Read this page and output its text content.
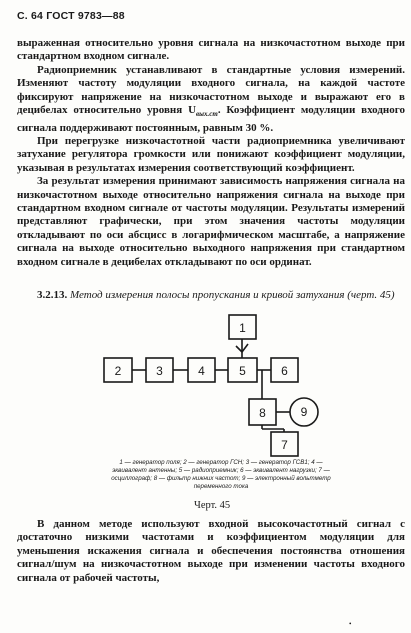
С. 64 ГОСТ 9783—88

выраженная относительно уровня сигнала на низкочастотном выходе при стандартном входном сигнале.

Радиоприемник устанавливают в стандартные условия измерений. Изменяют частоту модуляции входного сигнала, на каждой частоте фиксируют напряжение на низкочастотном выходе и выражают его в децибелах относительно уровня $U_{вых.ст}$. Коэффициент модуляции входного сигнала поддерживают постоянным, равным 30 %.

При перегрузке низкочастотной части радиоприемника увеличивают затухание регулятора громкости или понижают коэффициент модуляции, указывая в результатах измерения соответствующий коэффициент.

За результат измерения принимают зависимость напряжения сигнала на низкочастотном выходе относительно напряжения сигнала на выходе при стандартном входном сигнале от частоты модуляции. Результаты измерений представляют графически, при этом значения частоты модуляции откладывают по оси абсцисс в логарифмическом масштабе, а напряжение сигнала на выходе относительно выходного напряжения при стандартном входном сигнале в децибелах откладывают по оси ординат.

3.2.13. Метод измерения полосы пропускания и кривой затухания (черт. 45)

1
2	3	4	5	6
7
8	9
1 — генератор поля; 2 — генератор ГСН; 3 — генератор ГСВ1; 4 — эквивалент антенны; 5 — радиоприемник; 6 — эквивалент нагрузки; 7 — осциллограф; 8 — фильтр нижних частот; 9 — электронный вольтметр переменного тока
Черт. 45

В данном методе используют входной высокочастотный сигнал с достаточно низкими частотами и коэффициентом модуляции для уменьшения искажения сигнала и обеспечения постоянства отношения сигнал/шум на низкочастотном выходе при изменении частоты входного сигнала от рабочей частоты,

•
